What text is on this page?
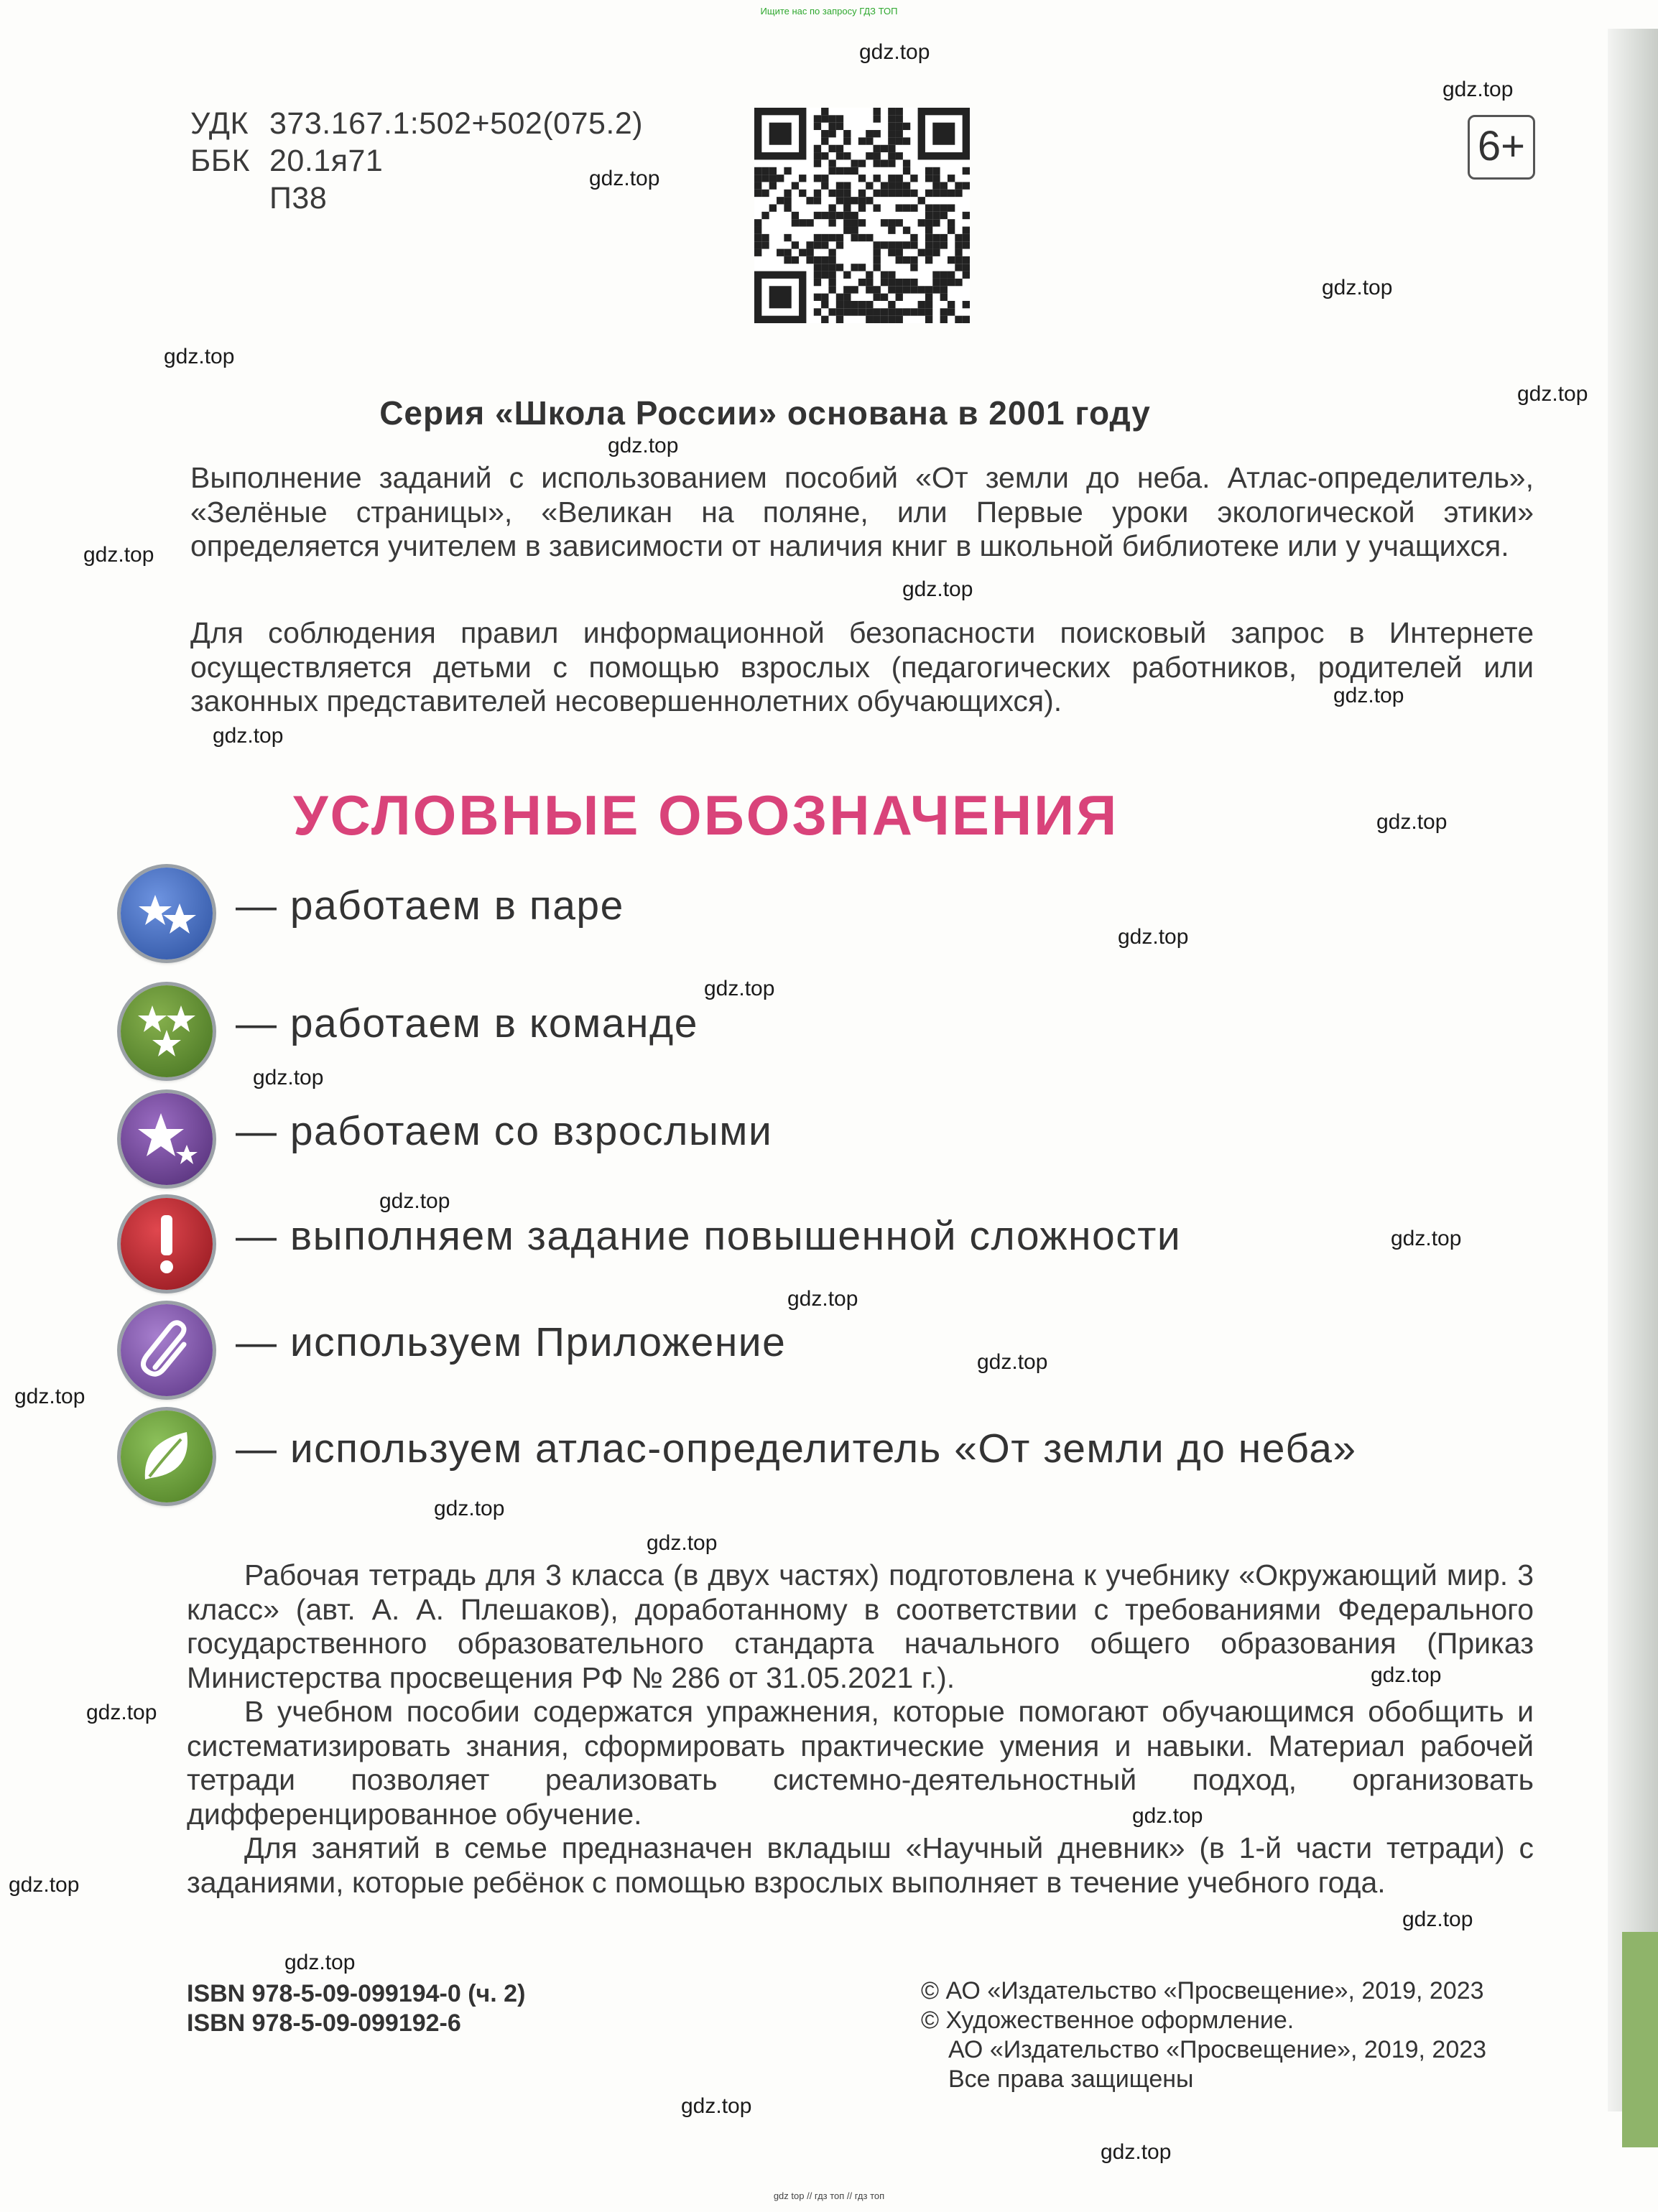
Ищите нас по запросу ГДЗ ТОП
gdz.top
gdz.top
gdz.top
gdz.top
gdz.top
gdz.top
gdz.top
gdz.top
gdz.top
gdz.top
gdz.top
gdz.top
gdz.top
gdz.top
gdz.top
gdz.top
gdz.top
gdz.top
gdz.top
gdz.top
gdz.top
gdz.top
gdz.top
gdz.top
gdz.top
gdz.top
gdz.top
gdz.top
gdz.top
gdz.top
УДК 373.167.1:502+502(075.2)
ББК 20.1я71
П38
6+
Серия «Школа России» основана в 2001 году
Выполнение заданий с использованием пособий «От земли до неба. Атлас-определитель», «Зелёные страницы», «Великан на поляне, или Первые уроки экологической этики» определяется учителем в зависимости от наличия книг в школьной библиотеке или у учащихся.
Для соблюдения правил информационной безопасности поисковый запрос в Интернете осуществляется детьми с помощью взрослых (педагогических работников, родителей или законных представителей несовершеннолетних обучающихся).
УСЛОВНЫЕ ОБОЗНАЧЕНИЯ
— работаем в паре
— работаем в команде
— работаем со взрослыми
— выполняем задание повышенной сложности
— используем Приложение
— используем атлас-определитель «От земли до неба»

Рабочая тетрадь для 3 класса (в двух частях) подготовлена к учебнику «Окружающий мир. 3 класс» (авт. А. А. Плешаков), доработанному в соответствии с требованиями Федерального государственного образовательного стандарта начального общего образования (Приказ Министерства просвещения РФ № 286 от 31.05.2021 г.).

В учебном пособии содержатся упражнения, которые помогают обучающимся обобщить и систематизировать знания, сформировать практические умения и навыки. Материал рабочей тетради позволяет реализовать системно-деятельностный подход, организовать дифференцированное обучение.

Для занятий в семье предназначен вкладыш «Научный дневник» (в 1-й части тетради) с заданиями, которые ребёнок с помощью взрослых выполняет в течение учебного года.

ISBN 978-5-09-099194-0 (ч. 2)
ISBN 978-5-09-099192-6
© АО «Издательство «Просвещение», 2019, 2023
© Художественное оформление.
АО «Издательство «Просвещение», 2019, 2023
Все права защищены
gdz top // гдз топ // гдз топ
